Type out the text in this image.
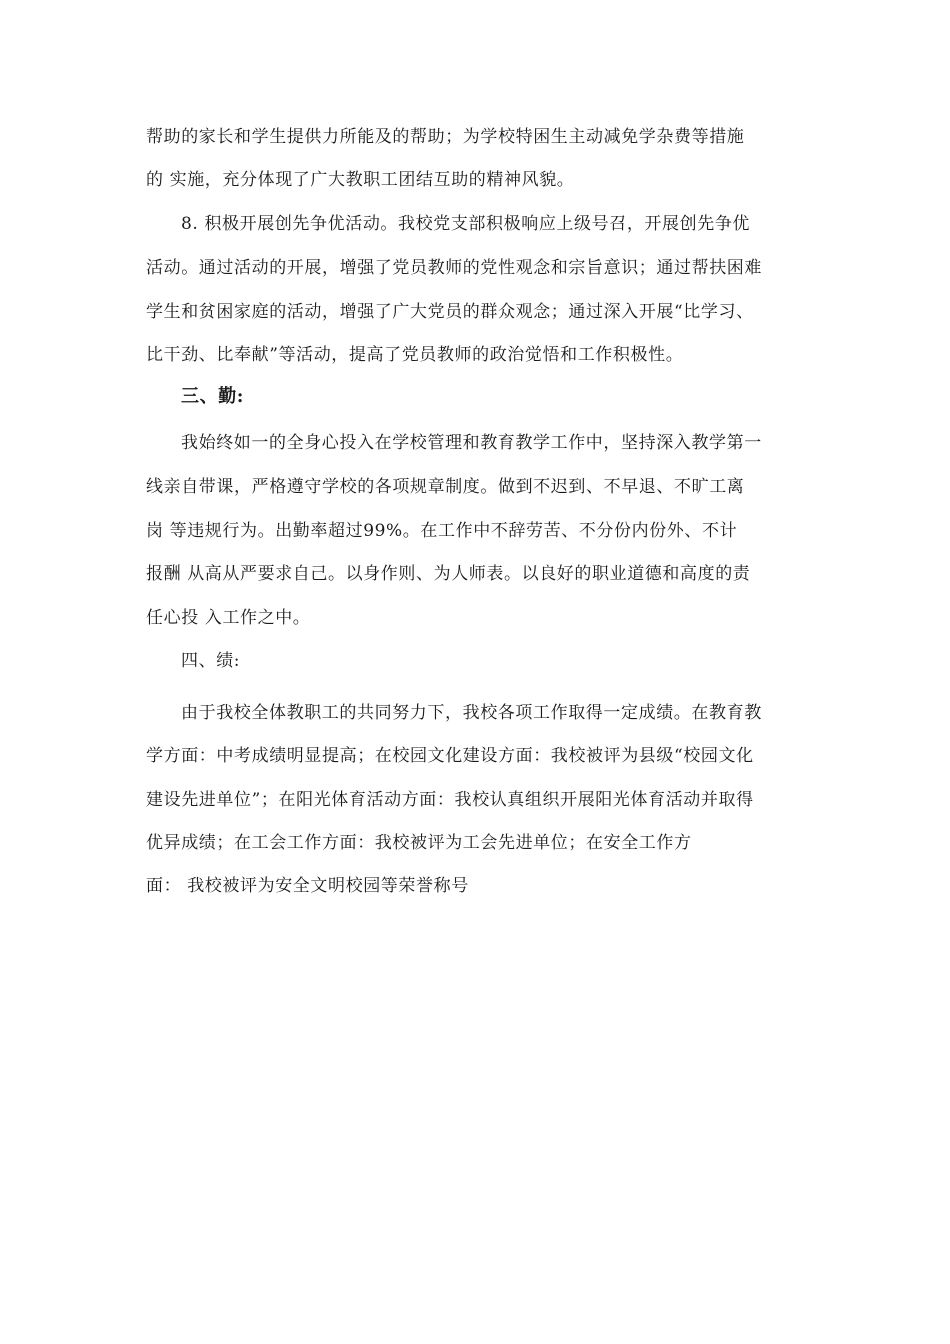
帮助的家长和学生提供力所能及的帮助；为学校特困生主动减免学杂费等措施
的 实施，充分体现了广大教职工团结互助的精神风貌。
8. 积极开展创先争优活动。我校党支部积极响应上级号召，开展创先争优
活动。通过活动的开展，增强了党员教师的党性观念和宗旨意识；通过帮扶困难
学生和贫困家庭的活动，增强了广大党员的群众观念；通过深入开展“比学习、
比干劲、比奉献”等活动，提高了党员教师的政治觉悟和工作积极性。
三、勤:
我始终如一的全身心投入在学校管理和教育教学工作中，坚持深入教学第一
线亲自带课，严格遵守学校的各项规章制度。做到不迟到、不早退、不旷工离
岗 等违规行为。出勤率超过99%。在工作中不辞劳苦、不分份内份外、不计
报酬 从高从严要求自己。以身作则、为人师表。以良好的职业道德和高度的责
任心投 入工作之中。
四、绩:
由于我校全体教职工的共同努力下，我校各项工作取得一定成绩。在教育教
学方面：中考成绩明显提高；在校园文化建设方面：我校被评为县级“校园文化
建设先进单位”；在阳光体育活动方面：我校认真组织开展阳光体育活动并取得
优异成绩；在工会工作方面：我校被评为工会先进单位；在安全工作方
面： 我校被评为安全文明校园等荣誉称号
